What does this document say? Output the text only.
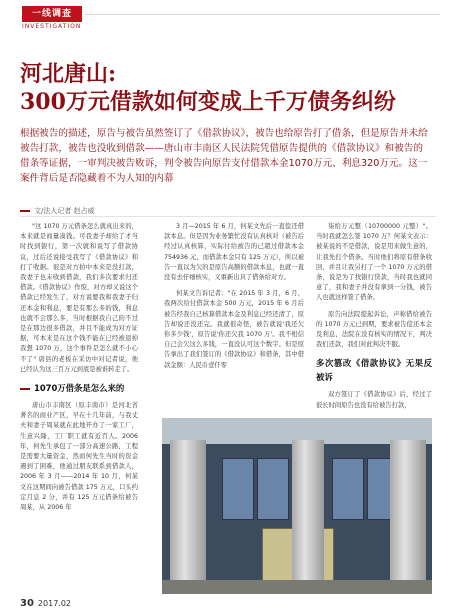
一线调查
INVESTIGATION
河北唐山:
300万元借款如何变成上千万债务纠纷
根据被告的描述，原告与被告虽然签订了《借款协议》，被告也给原告打了借条，但是原告并未给被告打款，被告也没收到借款——唐山市丰南区人民法院凭借原告提供的《借款协议》和被告的借条等证据，一审判决被告败诉，判令被告向原告支付借款本金1070万元、利息320万元。这一案件背后是否隐藏着不为人知的内幕
文/法人记者 赵占威

"这 1070 万元借条怎么就真出来的，本来就是商量凑钱。可我妻子却给了才当时找到银行，第一次就和说写了借款协议，过后还说接受我写了《借款协议》和打了收据。很是对方拍中本来是没打款，我妻子也未收到借款，我们多次要求归还借款。《借款协议》作废，对方却又说这个借款已经发生了，对方说要我和我妻子归还本金和利息，要是有那么多的钱，利息也就不会那么多，当时根据我自己的不过是在那边很多借款，并且不能成为对方证据，可本来是在这个钱不能在已经被退掉我想 1070 万，这个事件是怎么就不小心不了" 唐县的老板在采访中对记者说，他已经认为这三百万元到底是被谁转走了。

1070万借条是怎么来的

唐山市丰南区（原丰南市）是河北省著名的商业产区，早在十几年前，与我丈夫和妻子周某就在此地开办了一家工厂，生意兴隆，工厂职工就有近百人。2006 年，何先生承包了一部分高速公路，工程是需要大量资金，然而何先生当时的资金遇到了困难，他通过朋友联系到借款人，2006 年 3 月——2014 年 10 月，何某文在这期间向被告借款 175 万元，口头约定月息 2 分，并有 125 万元借条给被告周某，从 2006 年

3 月—2015 年 6 月，何某文先后一直偿还借款本息。但是因为业务繁忙没有认真核对（被告后经过认真核算，实际付给被告的已超过借款本金 754936 元，而借款本金只有 125 万元），所以被告一直以为欠的是原告高额的借款本息，也就一直没有去仔细核实，又重新出具了借条给对方。

何某文告诉记者："在 2015 年 3 月，6 月，我两次给付借款本金 500 万元，2015 年 6 月后被告经我自己核算借款本金及利息已经还清了，原告却说还没还完。我就很奇怪，被告就说'我还欠你多少钱'，原告说'你还欠我 1070 万'。我不相信自己会欠这么多钱，一直没认可这个数字。但是原告拿出了我们签订的《借款协议》和借条，其中借款金额：人民币壹仟零

柒拾万元整（10700000 元整）"。当时我就怎么签 1070 万？何某文表示：被某说的不是借款，说是用来做生意的，让我先打个借条。当时他们将原有借条收回，并且让我另打了一个 1070 万元的借条，说是为了找银行贷款，当时我也就同意了，我和妻子并没有拿到一分钱，被告人也就这样签了借条。

原告向法院提起诉讼，声称借给被告的 1070 万元已到期，要求被告偿还本金及利息，法院在没有核实的情况下，判决我们还款，我们对此判决不服。

多次篡改《借款协议》无果反被诉

双方签订了《借款协议》后，经过了很长时间原告也没有给被告打款，

30 2017.02
